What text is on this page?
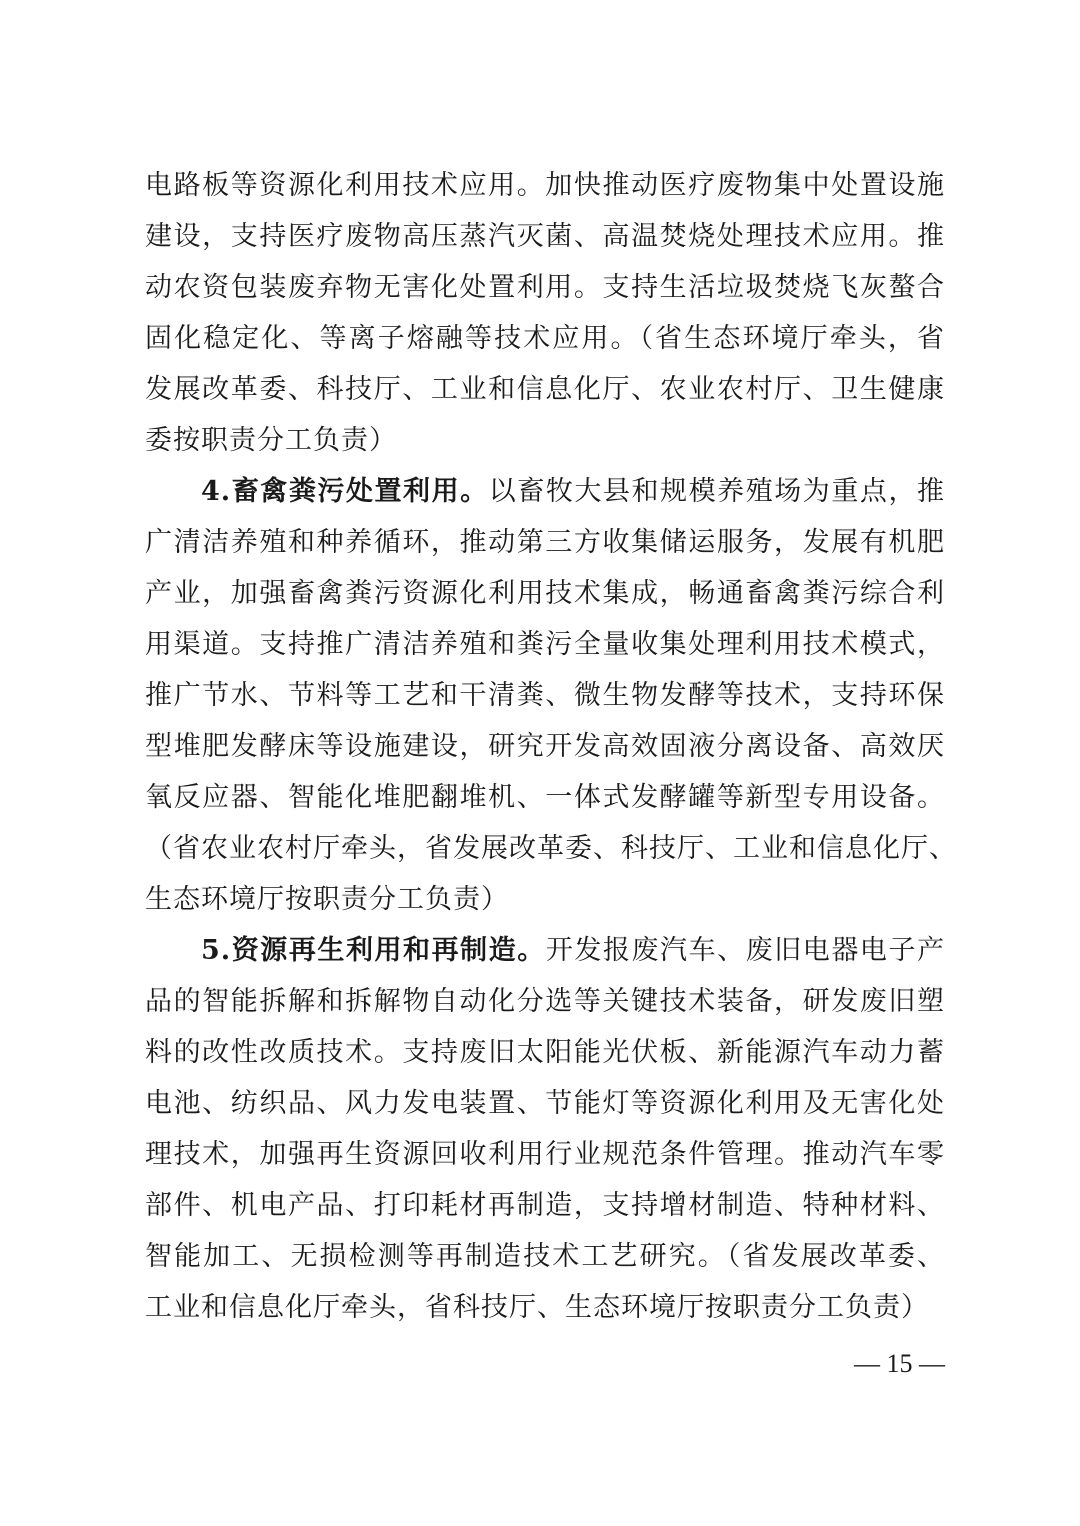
电路板等资源化利用技术应用。加快推动医疗废物集中处置设施
建设，支持医疗废物高压蒸汽灭菌、高温焚烧处理技术应用。推
动农资包装废弃物无害化处置利用。支持生活垃圾焚烧飞灰螯合
固化稳定化、等离子熔融等技术应用。（省生态环境厅牵头，省
发展改革委、科技厅、工业和信息化厅、农业农村厅、卫生健康
委按职责分工负责）
4.畜禽粪污处置利用。以畜牧大县和规模养殖场为重点，推
广清洁养殖和种养循环，推动第三方收集储运服务，发展有机肥
产业，加强畜禽粪污资源化利用技术集成，畅通畜禽粪污综合利
用渠道。支持推广清洁养殖和粪污全量收集处理利用技术模式，
推广节水、节料等工艺和干清粪、微生物发酵等技术，支持环保
型堆肥发酵床等设施建设，研究开发高效固液分离设备、高效厌
氧反应器、智能化堆肥翻堆机、一体式发酵罐等新型专用设备。
（省农业农村厅牵头，省发展改革委、科技厅、工业和信息化厅、
生态环境厅按职责分工负责）
5.资源再生利用和再制造。开发报废汽车、废旧电器电子产
品的智能拆解和拆解物自动化分选等关键技术装备，研发废旧塑
料的改性改质技术。支持废旧太阳能光伏板、新能源汽车动力蓄
电池、纺织品、风力发电装置、节能灯等资源化利用及无害化处
理技术，加强再生资源回收利用行业规范条件管理。推动汽车零
部件、机电产品、打印耗材再制造，支持增材制造、特种材料、
智能加工、无损检测等再制造技术工艺研究。（省发展改革委、
工业和信息化厅牵头，省科技厅、生态环境厅按职责分工负责）
— 15 —
